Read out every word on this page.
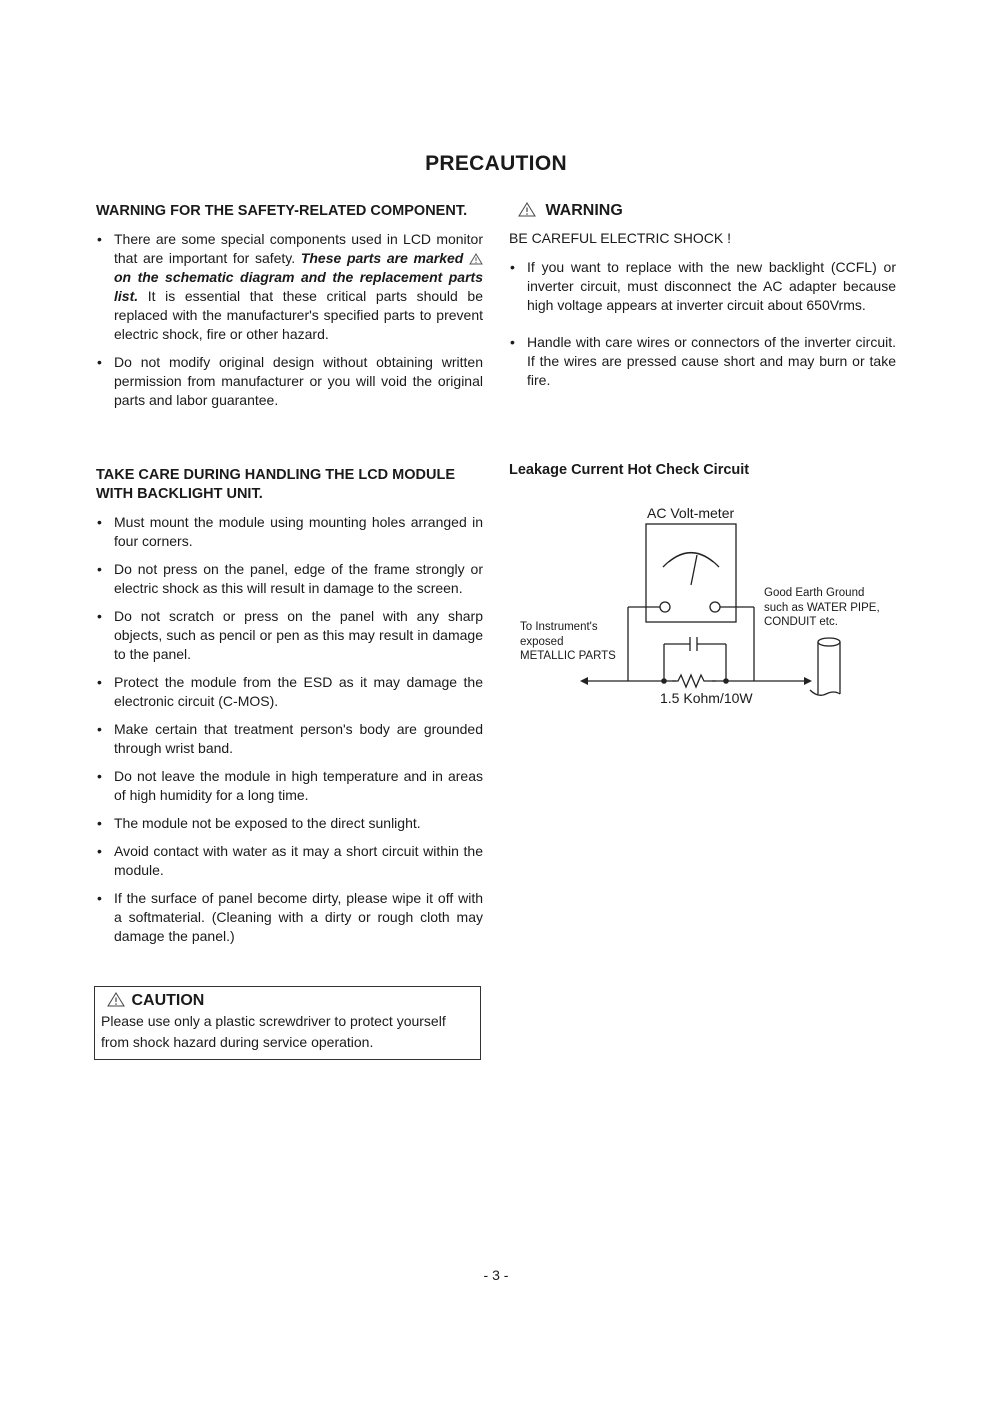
PRECAUTION
WARNING FOR THE SAFETY-RELATED COMPONENT.
• There are some special components used in LCD monitor that are important for safety. These parts are marked  on the schematic diagram and the replacement parts list. It is essential that these critical parts should be replaced with the manufacturer's specified parts to prevent electric shock, fire or other hazard.
• Do not modify original design without obtaining written permission from manufacturer or you will void the original parts and labor guarantee.
TAKE CARE DURING HANDLING THE LCD MODULE
WITH BACKLIGHT UNIT.
• Must mount the module using mounting holes arranged in four corners.
• Do not press on the panel, edge of the frame strongly or electric shock as this will result in damage to the screen.
• Do not scratch or press on the panel with any sharp objects, such as pencil or pen as this may result in damage to the panel.
• Protect the module from the ESD as it may damage the electronic circuit (C-MOS).
• Make certain that treatment person's body are grounded through wrist band.
• Do not leave the module in high temperature and in areas of high humidity for a long time.
• The module not be exposed to the direct sunlight.
• Avoid contact with water as it may a short circuit within the module.
• If the surface of panel become dirty, please wipe it off with a softmaterial. (Cleaning with a dirty or rough cloth may damage the panel.)
CAUTION
Please use only a plastic screwdriver to protect yourself
from shock hazard during service operation.
WARNING
BE CAREFUL ELECTRIC SHOCK !
• If you want to replace with the new backlight (CCFL) or inverter circuit, must disconnect the AC adapter because high voltage appears at inverter circuit about 650Vrms.
• Handle with care wires or connectors of the inverter circuit. If the wires are pressed cause short and may burn or take fire.
Leakage Current Hot Check Circuit
AC Volt-meter
Good Earth Ground
such as WATER PIPE,
CONDUIT etc.
To Instrument's
exposed
METALLIC PARTS
1.5 Kohm/10W
- 3 -
